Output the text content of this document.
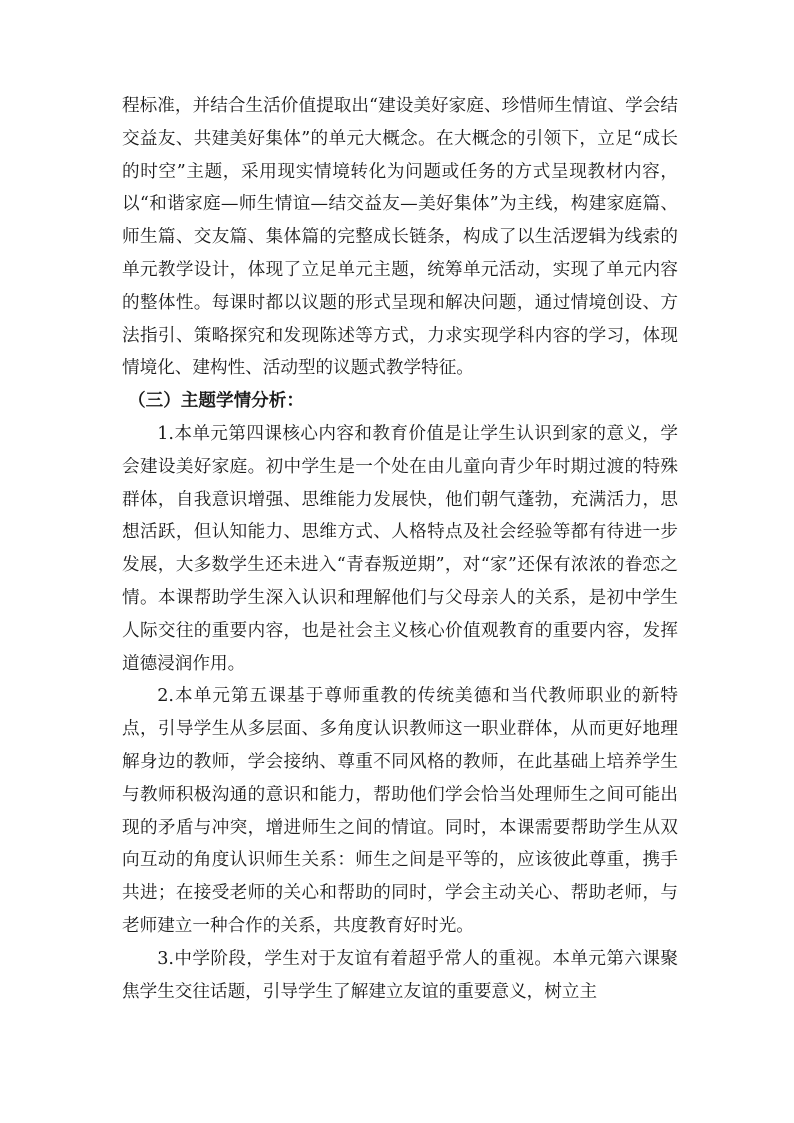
程标准，并结合生活价值提取出“建设美好家庭、珍惜师生情谊、学会结交益友、共建美好集体”的单元大概念。在大概念的引领下，立足“成长的时空”主题，采用现实情境转化为问题或任务的方式呈现教材内容，以“和谐家庭—师生情谊—结交益友—美好集体”为主线，构建家庭篇、师生篇、交友篇、集体篇的完整成长链条，构成了以生活逻辑为线索的单元教学设计，体现了立足单元主题，统筹单元活动，实现了单元内容的整体性。每课时都以议题的形式呈现和解决问题，通过情境创设、方法指引、策略探究和发现陈述等方式，力求实现学科内容的学习，体现情境化、建构性、活动型的议题式教学特征。

（三）主题学情分析：

1.本单元第四课核心内容和教育价值是让学生认识到家的意义，学会建设美好家庭。初中学生是一个处在由儿童向青少年时期过渡的特殊群体，自我意识增强、思维能力发展快，他们朝气蓬勃，充满活力，思想活跃，但认知能力、思维方式、人格特点及社会经验等都有待进一步发展，大多数学生还未进入“青春叛逆期”，对“家”还保有浓浓的眷恋之情。本课帮助学生深入认识和理解他们与父母亲人的关系，是初中学生人际交往的重要内容，也是社会主义核心价值观教育的重要内容，发挥道德浸润作用。

2.本单元第五课基于尊师重教的传统美德和当代教师职业的新特点，引导学生从多层面、多角度认识教师这一职业群体，从而更好地理解身边的教师，学会接纳、尊重不同风格的教师，在此基础上培养学生与教师积极沟通的意识和能力，帮助他们学会恰当处理师生之间可能出现的矛盾与冲突，增进师生之间的情谊。同时，本课需要帮助学生从双向互动的角度认识师生关系：师生之间是平等的，应该彼此尊重，携手共进；在接受老师的关心和帮助的同时，学会主动关心、帮助老师，与老师建立一种合作的关系，共度教育好时光。

3.中学阶段，学生对于友谊有着超乎常人的重视。本单元第六课聚焦学生交往话题，引导学生了解建立友谊的重要意义，树立主
